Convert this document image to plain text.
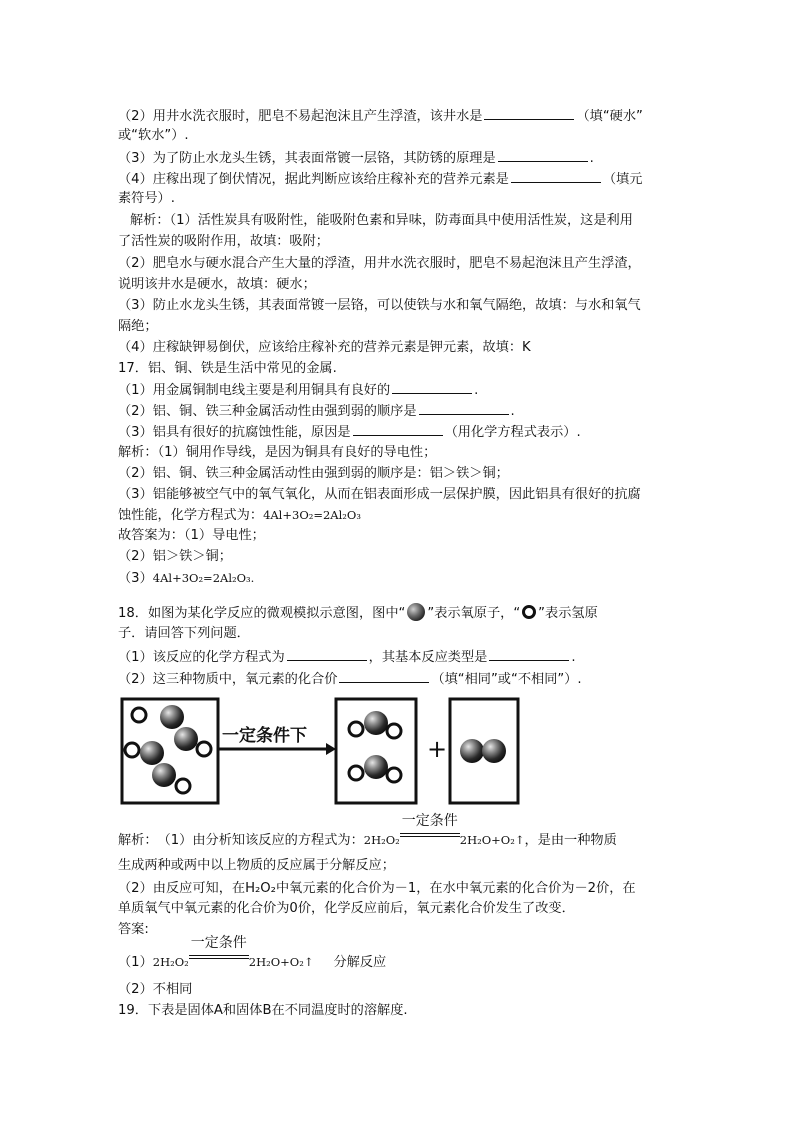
（2）用井水洗衣服时，肥皂不易起泡沫且产生浮渣，该井水是	（填“硬水”
或“软水”）.
（3）为了防止水龙头生锈，其表面常镀一层铬，其防锈的原理是	.
（4）庄稼出现了倒伏情况，据此判断应该给庄稼补充的营养元素是	（填元
素符号）.
解析：（1）活性炭具有吸附性，能吸附色素和异味，防毒面具中使用活性炭，这是利用
了活性炭的吸附作用，故填：吸附；
（2）肥皂水与硬水混合产生大量的浮渣，用井水洗衣服时，肥皂不易起泡沫且产生浮渣，
说明该井水是硬水，故填：硬水；
（3）防止水龙头生锈，其表面常镀一层铬，可以使铁与水和氧气隔绝，故填：与水和氧气
隔绝；
（4）庄稼缺钾易倒伏，应该给庄稼补充的营养元素是钾元素，故填：K
17．铝、铜、铁是生活中常见的金属.
（1）用金属铜制电线主要是利用铜具有良好的	.
（2）铝、铜、铁三种金属活动性由强到弱的顺序是	.
（3）铝具有很好的抗腐蚀性能，原因是	（用化学方程式表示）.
解析：（1）铜用作导线，是因为铜具有良好的导电性；
（2）铝、铜、铁三种金属活动性由强到弱的顺序是：铝＞铁＞铜；
（3）铝能够被空气中的氧气氧化，从而在铝表面形成一层保护膜，因此铝具有很好的抗腐
蚀性能，化学方程式为：4Al+3O₂=2Al₂O₃
故答案为：（1）导电性；
（2）铝＞铁＞铜；
（3）4Al+3O₂=2Al₂O₃.
18．如图为某化学反应的微观模拟示意图，图中“ ”表示氧原子，“ ”表示氢原
子．请回答下列问题．
（1）该反应的化学方程式为	，其基本反应类型是	.
（2）这三种物质中，氧元素的化合价	（填“相同”或“不相同”）.
一定条件下	+
解析：　（1）由分析知该反应的方程式为：2H₂O₂
一定条件
2H₂O+O₂↑，是由一种物质
生成两种或两中以上物质的反应属于分解反应；
（2）由反应可知，在H₂O₂中氧元素的化合价为－1，在水中氧元素的化合价为－2价，在
单质氧气中氧元素的化合价为0价，化学反应前后，氧元素化合价发生了改变．
答案:
（1）2H₂O₂
一定条件
2H₂O+O₂↑ 分解反应
（2）不相同
19．下表是固体A和固体B在不同温度时的溶解度.
